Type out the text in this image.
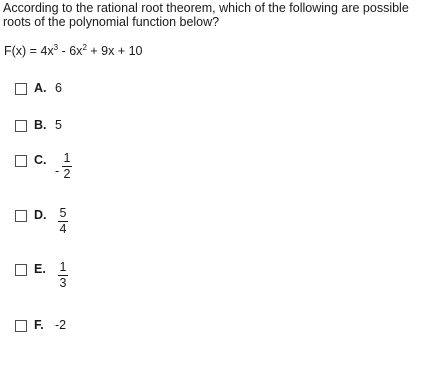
According to the rational root theorem, which of the following are possible roots of the polynomial function below?
$F(x) = 4x^3 - 6x^2 + 9x + 10$
A. 6
B. 5
C.
-
1
2
D. 5
4
E. 1
3
F. -2
